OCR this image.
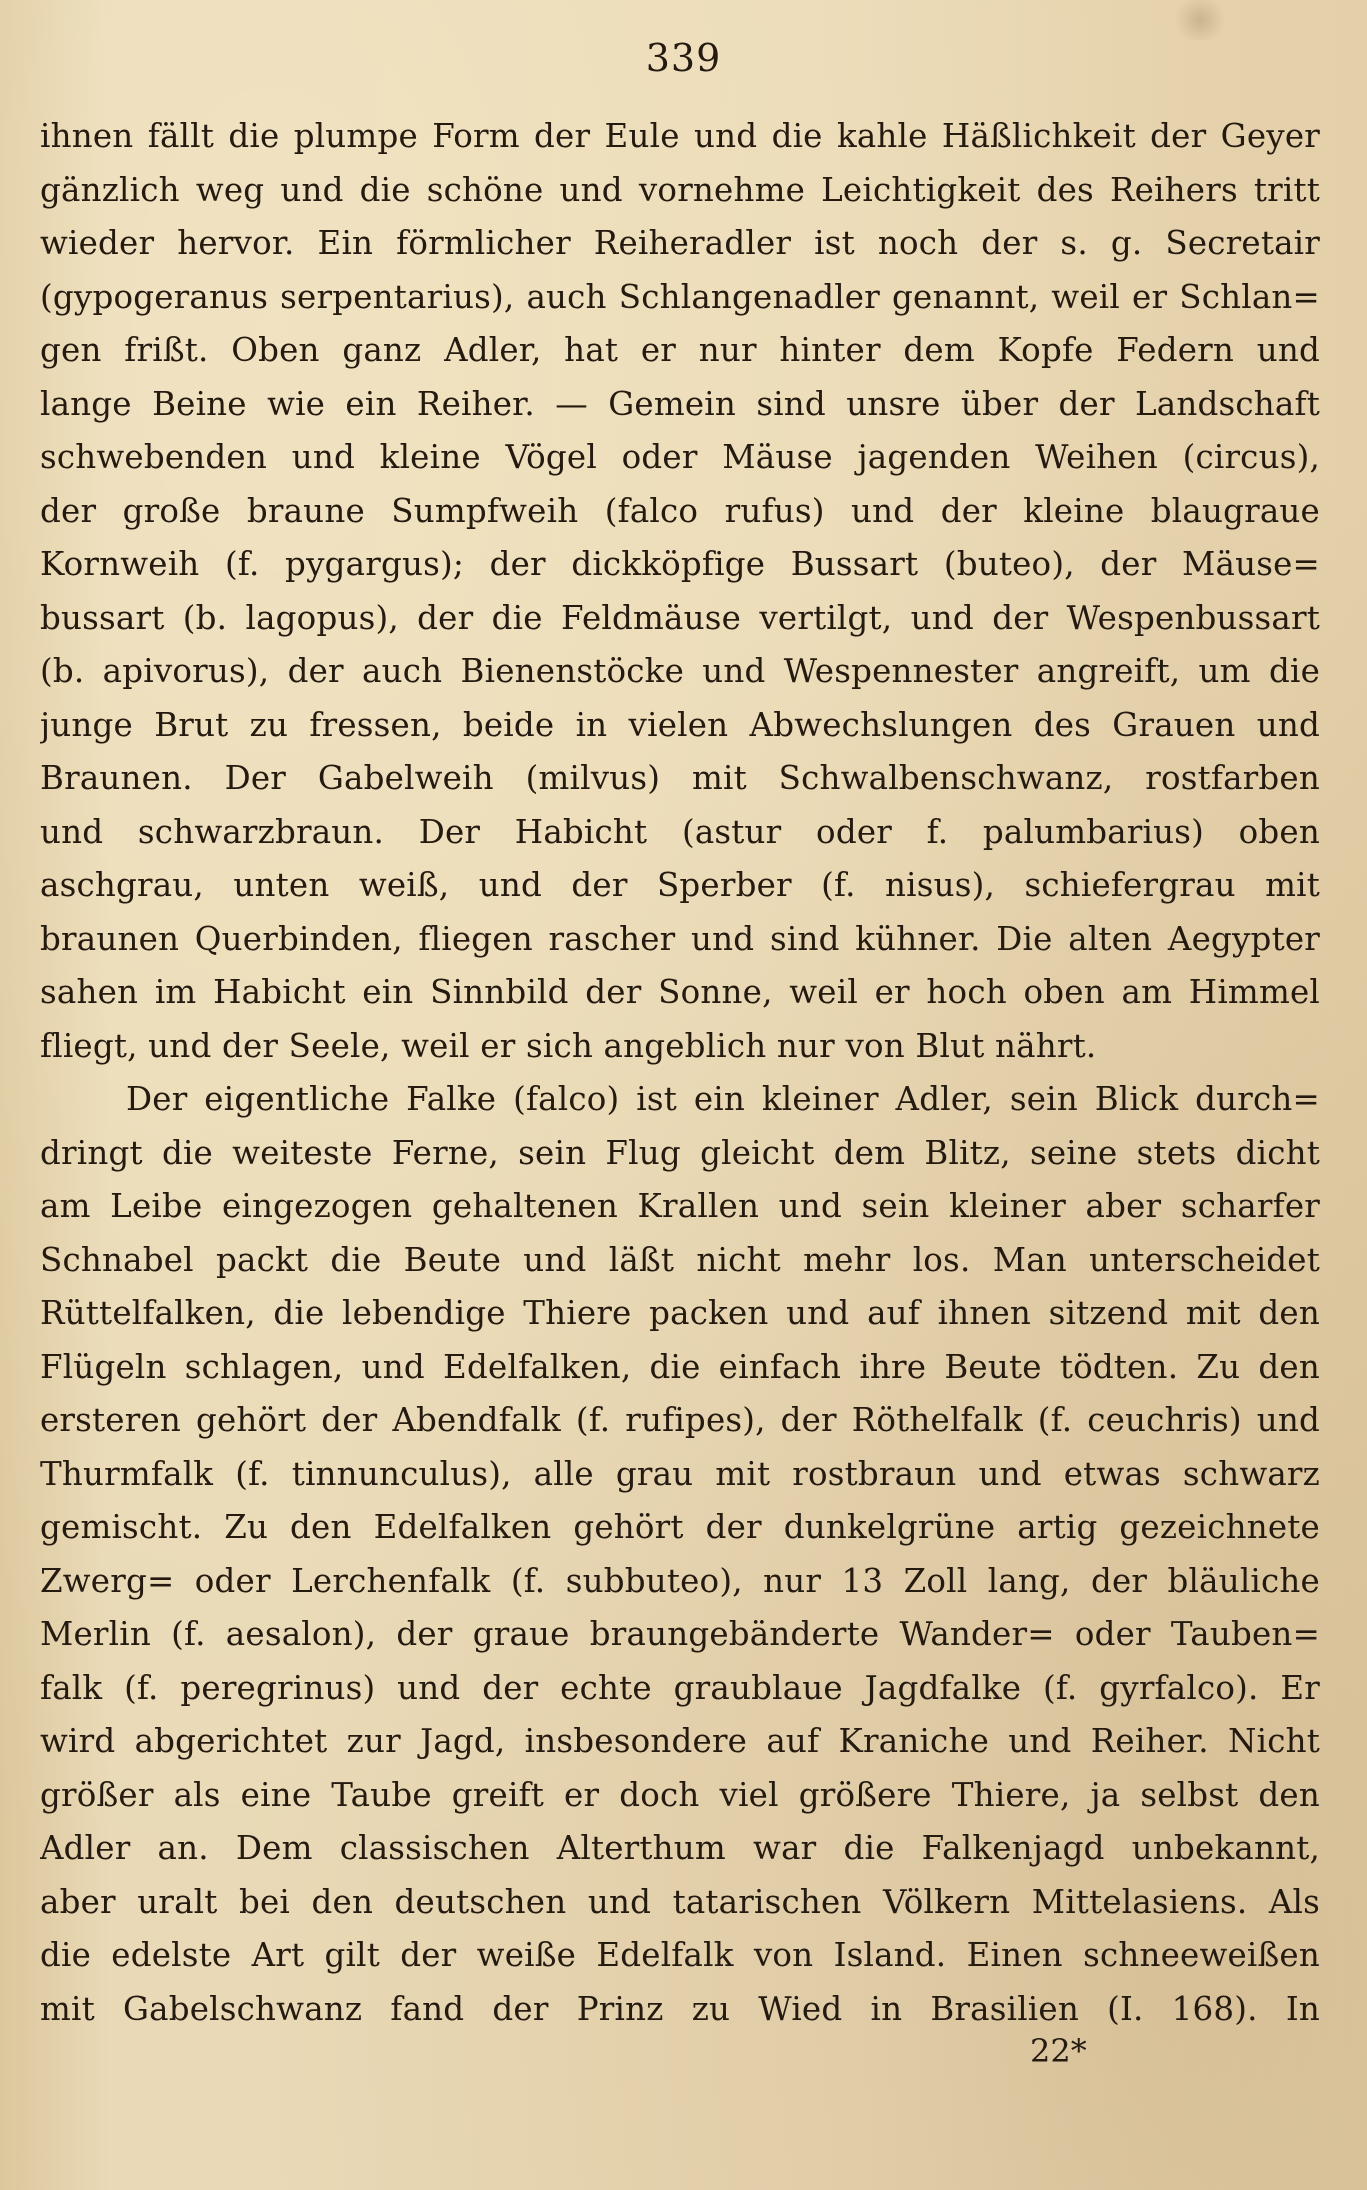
339
ihnen fällt die plumpe Form der Eule und die kahle Häßlichkeit der Geyer
gänzlich weg und die schöne und vornehme Leichtigkeit des Reihers tritt
wieder hervor. Ein förmlicher Reiheradler ist noch der s. g. Secretair
(gypogeranus serpentarius), auch Schlangenadler genannt, weil er Schlan=
gen frißt. Oben ganz Adler, hat er nur hinter dem Kopfe Federn und
lange Beine wie ein Reiher. — Gemein sind unsre über der Landschaft
schwebenden und kleine Vögel oder Mäuse jagenden Weihen (circus),
der große braune Sumpfweih (falco rufus) und der kleine blaugraue
Kornweih (f. pygargus); der dickköpfige Bussart (buteo), der Mäuse=
bussart (b. lagopus), der die Feldmäuse vertilgt, und der Wespenbussart
(b. apivorus), der auch Bienenstöcke und Wespennester angreift, um die
junge Brut zu fressen, beide in vielen Abwechslungen des Grauen und
Braunen. Der Gabelweih (milvus) mit Schwalbenschwanz, rostfarben
und schwarzbraun. Der Habicht (astur oder f. palumbarius) oben
aschgrau, unten weiß, und der Sperber (f. nisus), schiefergrau mit
braunen Querbinden, fliegen rascher und sind kühner. Die alten Aegypter
sahen im Habicht ein Sinnbild der Sonne, weil er hoch oben am Himmel
fliegt, und der Seele, weil er sich angeblich nur von Blut nährt.
Der eigentliche Falke (falco) ist ein kleiner Adler, sein Blick durch=
dringt die weiteste Ferne, sein Flug gleicht dem Blitz, seine stets dicht
am Leibe eingezogen gehaltenen Krallen und sein kleiner aber scharfer
Schnabel packt die Beute und läßt nicht mehr los. Man unterscheidet
Rüttelfalken, die lebendige Thiere packen und auf ihnen sitzend mit den
Flügeln schlagen, und Edelfalken, die einfach ihre Beute tödten. Zu den
ersteren gehört der Abendfalk (f. rufipes), der Röthelfalk (f. ceuchris) und
Thurmfalk (f. tinnunculus), alle grau mit rostbraun und etwas schwarz
gemischt. Zu den Edelfalken gehört der dunkelgrüne artig gezeichnete
Zwerg= oder Lerchenfalk (f. subbuteo), nur 13 Zoll lang, der bläuliche
Merlin (f. aesalon), der graue braungebänderte Wander= oder Tauben=
falk (f. peregrinus) und der echte graublaue Jagdfalke (f. gyrfalco). Er
wird abgerichtet zur Jagd, insbesondere auf Kraniche und Reiher. Nicht
größer als eine Taube greift er doch viel größere Thiere, ja selbst den
Adler an. Dem classischen Alterthum war die Falkenjagd unbekannt,
aber uralt bei den deutschen und tatarischen Völkern Mittelasiens. Als
die edelste Art gilt der weiße Edelfalk von Island. Einen schneeweißen
mit Gabelschwanz fand der Prinz zu Wied in Brasilien (I. 168). In
22*
